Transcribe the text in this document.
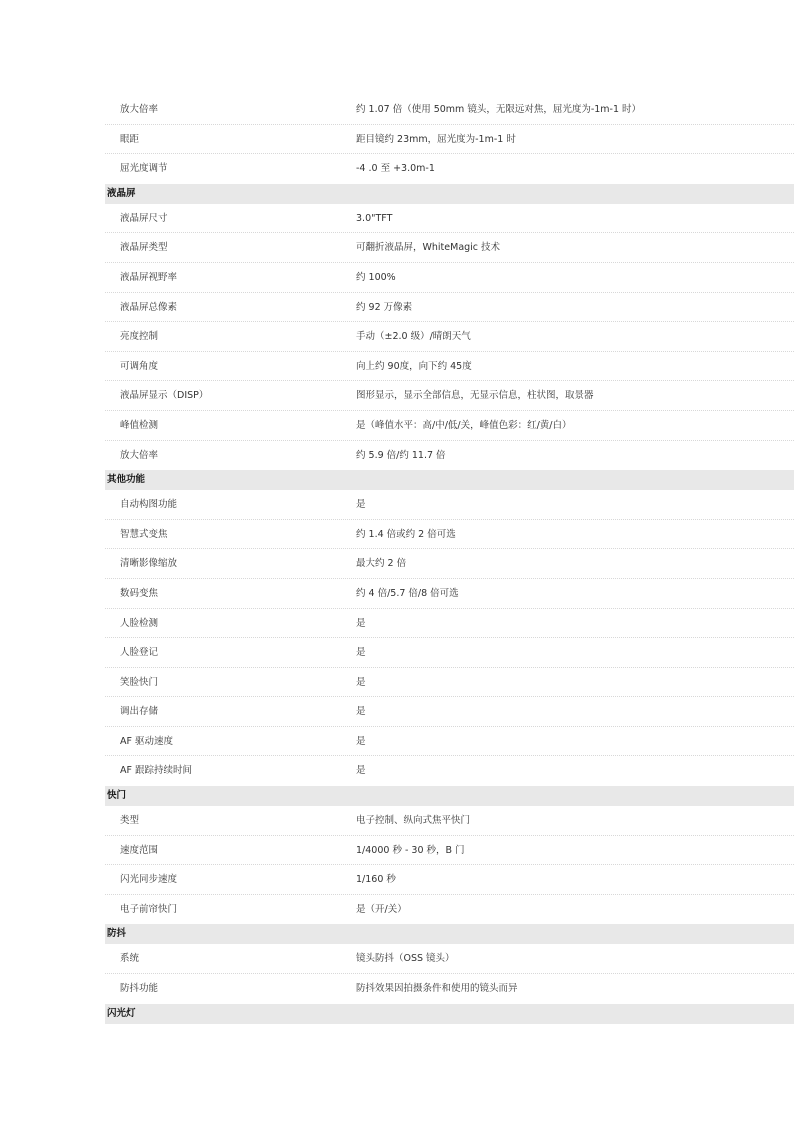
放大倍率	约 1.07 倍（使用 50mm 镜头，无限远对焦，屈光度为-1m-1 时）
眼距	距目镜约 23mm，屈光度为-1m-1 时
屈光度调节	-4 .0 至 +3.0m-1
液晶屏
液晶屏尺寸	3.0"TFT
液晶屏类型	可翻折液晶屏，WhiteMagic 技术
液晶屏视野率	约 100%
液晶屏总像素	约 92 万像素
亮度控制	手动（±2.0 级）/晴朗天气
可调角度	向上约 90度，向下约 45度
液晶屏显示（DISP）	图形显示，显示全部信息，无显示信息，柱状图，取景器
峰值检测	是（峰值水平：高/中/低/关，峰值色彩：红/黄/白）
放大倍率	约 5.9 倍/约 11.7 倍
其他功能
自动构图功能	是
智慧式变焦	约 1.4 倍或约 2 倍可选
清晰影像缩放	最大约 2 倍
数码变焦	约 4 倍/5.7 倍/8 倍可选
人脸检测	是
人脸登记	是
笑脸快门	是
调出存储	是
AF 驱动速度	是
AF 跟踪持续时间	是
快门
类型	电子控制、纵向式焦平快门
速度范围	1/4000 秒 - 30 秒，B 门
闪光同步速度	1/160 秒
电子前帘快门	是（开/关）
防抖
系统	镜头防抖（OSS 镜头）
防抖功能	防抖效果因拍摄条件和使用的镜头而异
闪光灯
